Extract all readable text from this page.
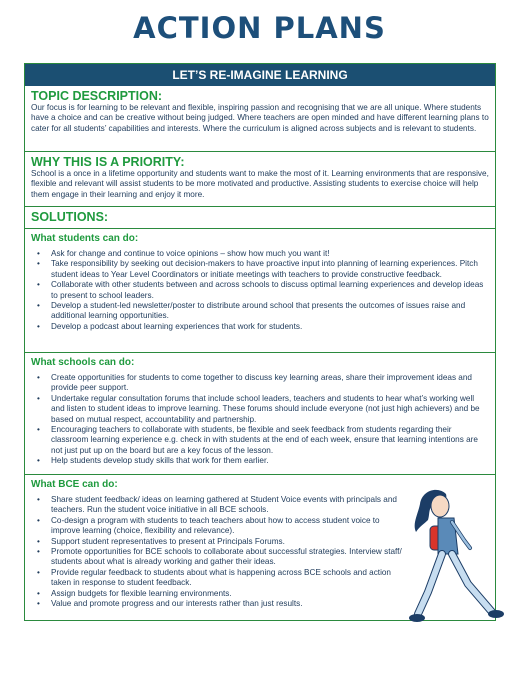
ACTION PLANS
LET’S RE-IMAGINE LEARNING
TOPIC DESCRIPTION:
Our focus is for learning to be relevant and flexible, inspiring passion and recognising that we are all unique. Where students have a choice and can be creative without being judged. Where teachers are open minded and have different learning plans to cater for all students’ capabilities and interests. Where the curriculum is aligned across subjects and is relevant to students.
WHY THIS IS A PRIORITY:
School is a once in a lifetime opportunity and students want to make the most of it. Learning environments that are responsive, flexible and relevant will assist students to be more motivated and productive. Assisting students to exercise choice will help them engage in their learning and enjoy it more.
SOLUTIONS:
What students can do:
• Ask for change and continue to voice opinions – show how much you want it!
• Take responsibility by seeking out decision-makers to have proactive input into planning of learning experiences. Pitch student ideas to Year Level Coordinators or initiate meetings with teachers to provide constructive feedback.
• Collaborate with other students between and across schools to discuss optimal learning experiences and develop ideas to present to school leaders.
• Develop a student-led newsletter/poster to distribute around school that presents the outcomes of issues raise and additional learning opportunities.
• Develop a podcast about learning experiences that work for students.
What schools can do:
• Create opportunities for students to come together to discuss key learning areas, share their improvement ideas and provide peer support.
• Undertake regular consultation forums that include school leaders, teachers and students to hear what’s working well and listen to student ideas to improve learning. These forums should include everyone (not just high achievers) and be based on mutual respect, accountability and partnership.
• Encouraging teachers to collaborate with students, be flexible and seek feedback from students regarding their classroom learning experience e.g. check in with students at the end of each week, ensure that learning intentions are not just put up on the board but are a key focus of the lesson.
• Help students develop study skills that work for them earlier.
What BCE can do:
• Share student feedback/ ideas on learning gathered at Student Voice events with principals and teachers. Run the student voice initiative in all BCE schools.
• Co-design a program with students to teach teachers about how to access student voice to improve learning (choice, flexibility and relevance).
• Support student representatives to present at Principals Forums.
• Promote opportunities for BCE schools to collaborate about successful strategies. Interview staff/ students about what is already working and gather their ideas.
• Provide regular feedback to students about what is happening across BCE schools and action taken in response to student feedback.
• Assign budgets for flexible learning environments.
• Value and promote progress and our interests rather than just results.
